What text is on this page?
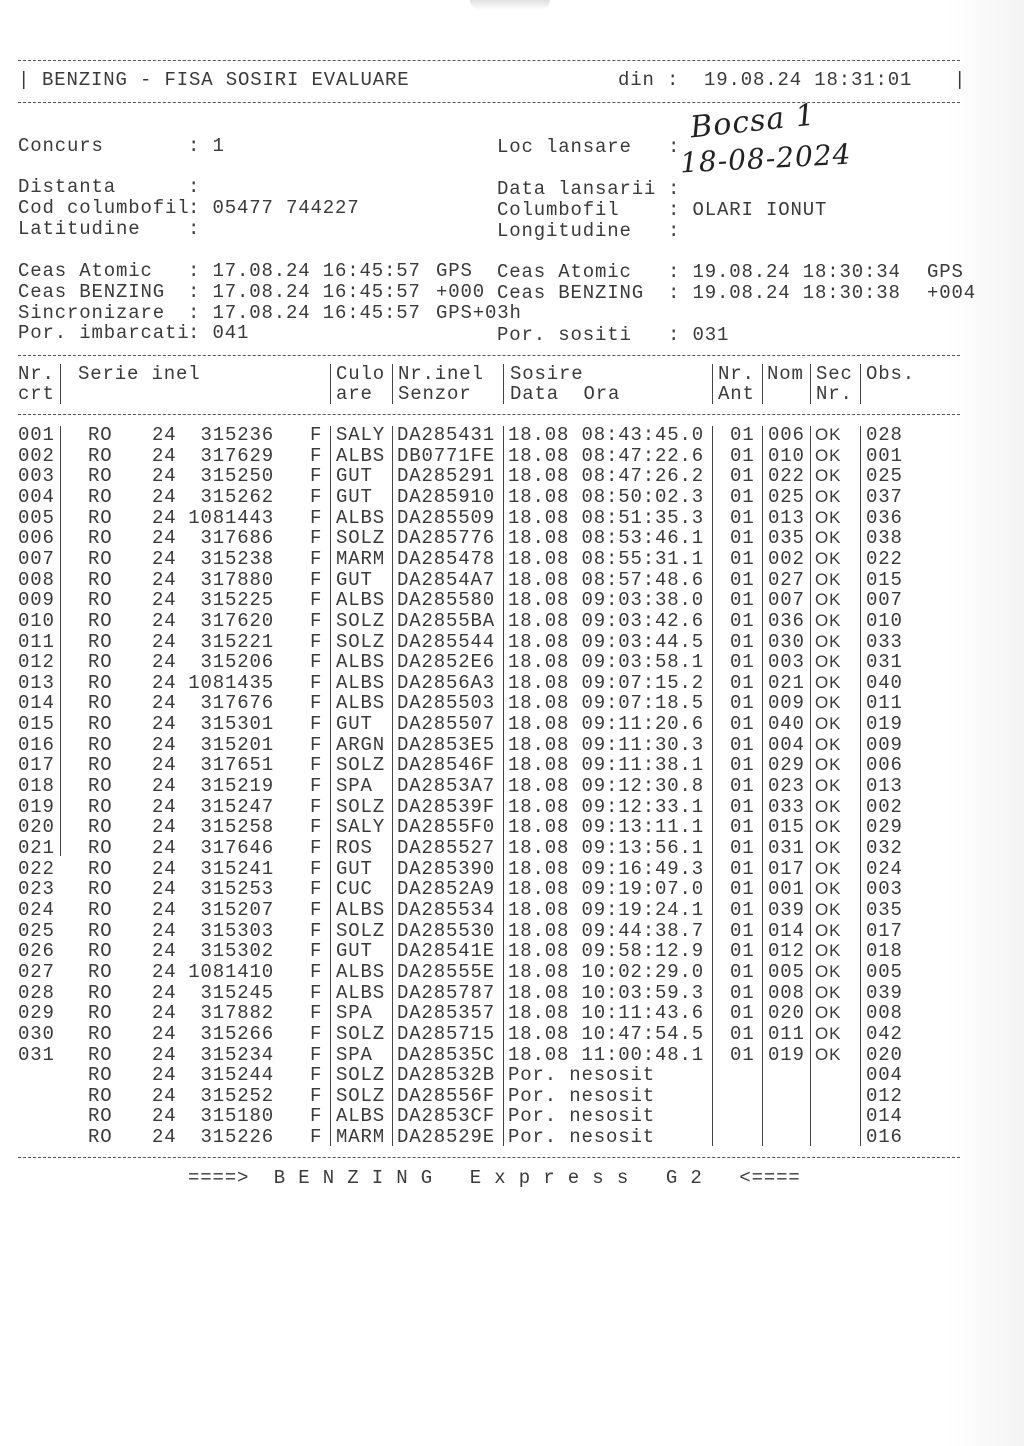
| BENZING - FISA SOSIRI EVALUARE	din : 19.08.24 18:31:01 |
Bocsa 1
18-08-2024
Concurs	: 1
Distanta	:
Cod columbofil
: 05477 744227
Latitudine :
Loc lansare :
Data lansarii :
Columbofil	: OLARI IONUT
Longitudine :
Ceas Atomic : 17.08.24 16:45:57 GPS
Ceas BENZING : 17.08.24 16:45:57 +000
Sincronizare : 17.08.24 16:45:57 GPS+03h
Por. imbarcati
: 041
Ceas Atomic : 19.08.24 18:30:34 GPS
Ceas BENZING : 19.08.24 18:30:38 +004
Por. sositi : 031
Nr.
crt
Serie inel	Culo
are
Nr.inel
Senzor
Sosire
Data  Ora
Nr.
Ant
Nom Sec
Nr.
Obs.
001 RO 24	315236 F SALY DA285431 18.08 08:43:45.0 01 006 OK 028
002 RO 24	317629 F ALBS DB0771FE 18.08 08:47:22.6 01 010 OK 001
003 RO 24	315250 F GUT DA285291 18.08 08:47:26.2 01 022 OK 025
004 RO 24	315262 F GUT DA285910 18.08 08:50:02.3 01 025 OK 037
005 RO 24 1081443 F ALBS DA285509 18.08 08:51:35.3 01 013 OK 036
006 RO 24	317686 F SOLZ DA285776 18.08 08:53:46.1 01 035 OK 038
007 RO 24	315238 F MARM DA285478 18.08 08:55:31.1 01 002 OK 022
008 RO 24	317880 F GUT DA2854A7 18.08 08:57:48.6 01 027 OK 015
009 RO 24	315225 F ALBS DA285580 18.08 09:03:38.0 01 007 OK 007
010 RO 24	317620 F SOLZ DA2855BA 18.08 09:03:42.6 01 036 OK 010
011 RO 24	315221 F SOLZ DA285544 18.08 09:03:44.5 01 030 OK 033
012 RO 24	315206 F ALBS DA2852E6 18.08 09:03:58.1 01 003 OK 031
013 RO 24 1081435 F ALBS DA2856A3 18.08 09:07:15.2 01 021 OK 040
014 RO 24	317676 F ALBS DA285503 18.08 09:07:18.5 01 009 OK 011
015 RO 24	315301 F GUT DA285507 18.08 09:11:20.6 01 040 OK 019
016 RO 24	315201 F ARGN DA2853E5 18.08 09:11:30.3 01 004 OK 009
017 RO 24	317651 F SOLZ DA28546F 18.08 09:11:38.1 01 029 OK 006
018 RO 24	315219 F SPA DA2853A7 18.08 09:12:30.8 01 023 OK 013
019 RO 24	315247 F SOLZ DA28539F 18.08 09:12:33.1 01 033 OK 002
020 RO 24	315258 F SALY DA2855F0 18.08 09:13:11.1 01 015 OK 029
021 RO 24	317646 F ROS DA285527 18.08 09:13:56.1 01 031 OK 032
022 RO 24	315241 F GUT DA285390 18.08 09:16:49.3 01 017 OK 024
023 RO 24	315253 F CUC DA2852A9 18.08 09:19:07.0 01 001 OK 003
024 RO 24	315207 F ALBS DA285534 18.08 09:19:24.1 01 039 OK 035
025 RO 24	315303 F SOLZ DA285530 18.08 09:44:38.7 01 014 OK 017
026 RO 24	315302 F GUT DA28541E 18.08 09:58:12.9 01 012 OK 018
027 RO 24 1081410 F ALBS DA28555E 18.08 10:02:29.0 01 005 OK 005
028 RO 24	315245 F ALBS DA285787 18.08 10:03:59.3 01 008 OK 039
029 RO 24	317882 F SPA DA285357 18.08 10:11:43.6 01 020 OK 008
030 RO 24	315266 F SOLZ DA285715 18.08 10:47:54.5 01 011 OK 042
031 RO 24	315234 F SPA DA28535C 18.08 11:00:48.1 01 019 OK 020
RO 24	315244 F SOLZ DA28532B Por. nesosit	004
RO 24	315252 F SOLZ DA28556F Por. nesosit	012
RO 24	315180 F ALBS DA2853CF Por. nesosit	014
RO 24	315226 F MARM DA28529E Por. nesosit	016
====>  B E N Z I N G   E x p r e s s   G 2   <====
